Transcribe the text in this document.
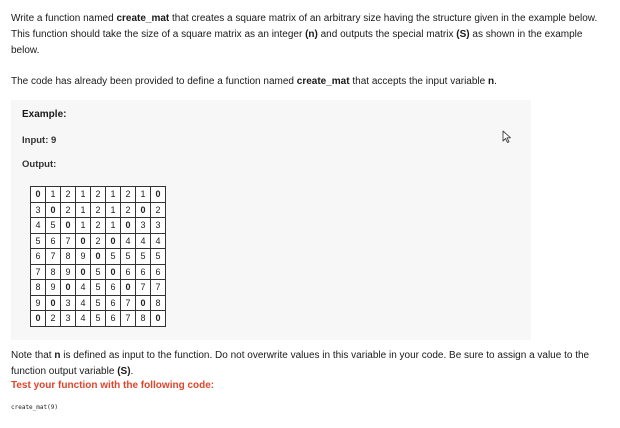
Write a function named create_mat that creates a square matrix of an arbitrary size having the structure given in the example below. This function should take the size of a square matrix as an integer (n) and outputs the special matrix (S) as shown in the example below.

The code has already been provided to define a function named create_mat that accepts the input variable n.

Example:
Input: 9
Output:
0	1	2	1	2	1	2	1	0
3	0	2	1	2	1	2	0	2
4	5	0	1	2	1	0	3	3
5	6	7	0	2	0	4	4	4
6	7	8	9	0	5	5	5	5
7	8	9	0	5	0	6	6	6
8	9	0	4	5	6	0	7	7
9	0	3	4	5	6	7	0	8
0	2	3	4	5	6	7	8	0

Note that n is defined as input to the function. Do not overwrite values in this variable in your code. Be sure to assign a value to the function output variable (S).

Test your function with the following code:
create_mat(9)
